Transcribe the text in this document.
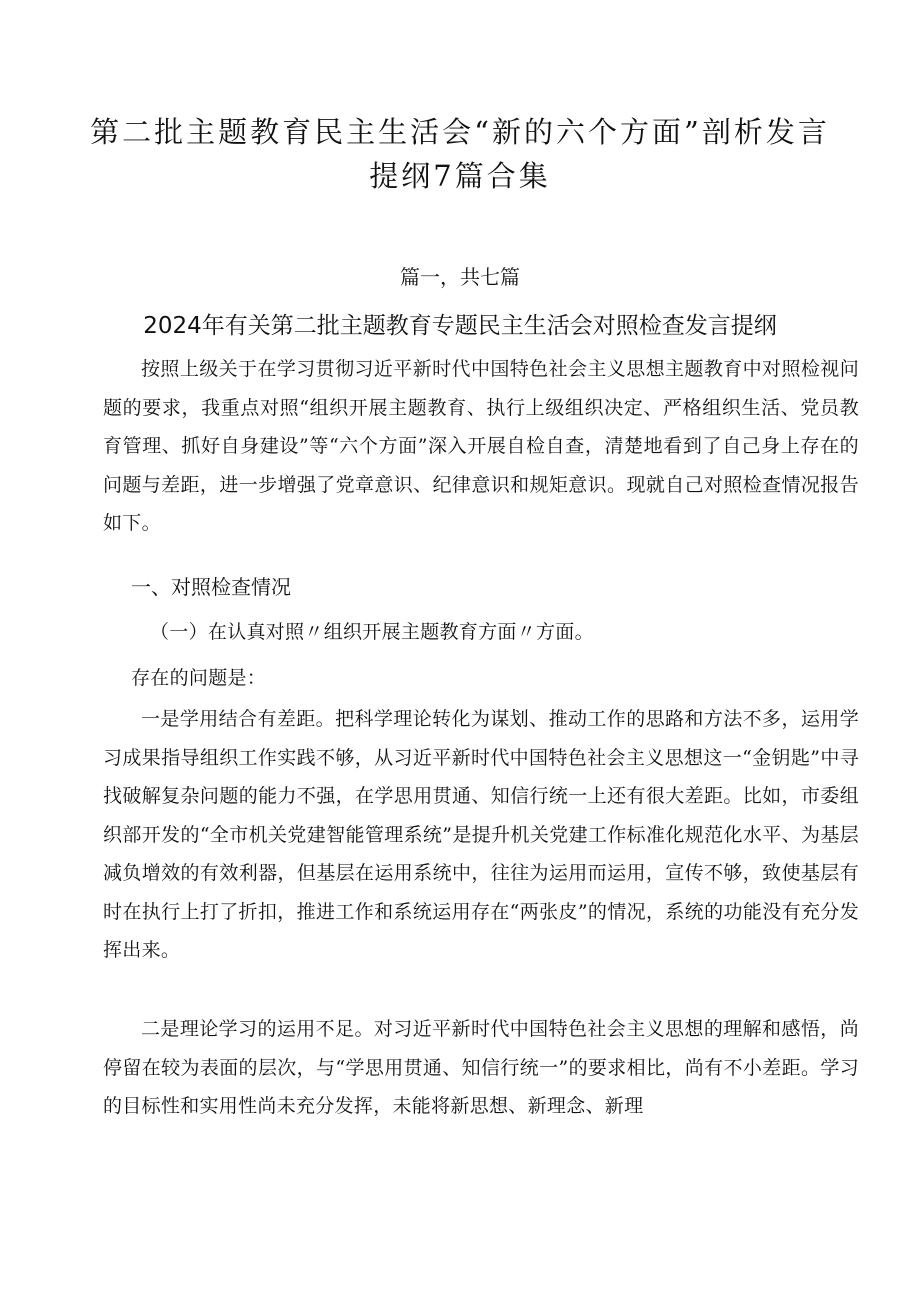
第二批主题教育民主生活会“新的六个方面”剖析发言提纲7篇合集

篇一，共七篇

2024年有关第二批主题教育专题民主生活会对照检查发言提纲

按照上级关于在学习贯彻习近平新时代中国特色社会主义思想主题教育中对照检视问题的要求，我重点对照“组织开展主题教育、执行上级组织决定、严格组织生活、党员教育管理、抓好自身建设”等“六个方面”深入开展自检自查，清楚地看到了自己身上存在的问题与差距，进一步增强了党章意识、纪律意识和规矩意识。现就自己对照检查情况报告如下。

一、对照检查情况

（一）在认真对照〃组织开展主题教育方面〃方面。

存在的问题是：

一是学用结合有差距。把科学理论转化为谋划、推动工作的思路和方法不多，运用学习成果指导组织工作实践不够，从习近平新时代中国特色社会主义思想这一“金钥匙”中寻找破解复杂问题的能力不强，在学思用贯通、知信行统一上还有很大差距。比如，市委组织部开发的“全市机关党建智能管理系统”是提升机关党建工作标准化规范化水平、为基层减负增效的有效利器，但基层在运用系统中，往往为运用而运用，宣传不够，致使基层有时在执行上打了折扣，推进工作和系统运用存在“两张皮”的情况，系统的功能没有充分发挥出来。

二是理论学习的运用不足。对习近平新时代中国特色社会主义思想的理解和感悟，尚停留在较为表面的层次，与“学思用贯通、知信行统一”的要求相比，尚有不小差距。学习的目标性和实用性尚未充分发挥，未能将新思想、新理念、新理
